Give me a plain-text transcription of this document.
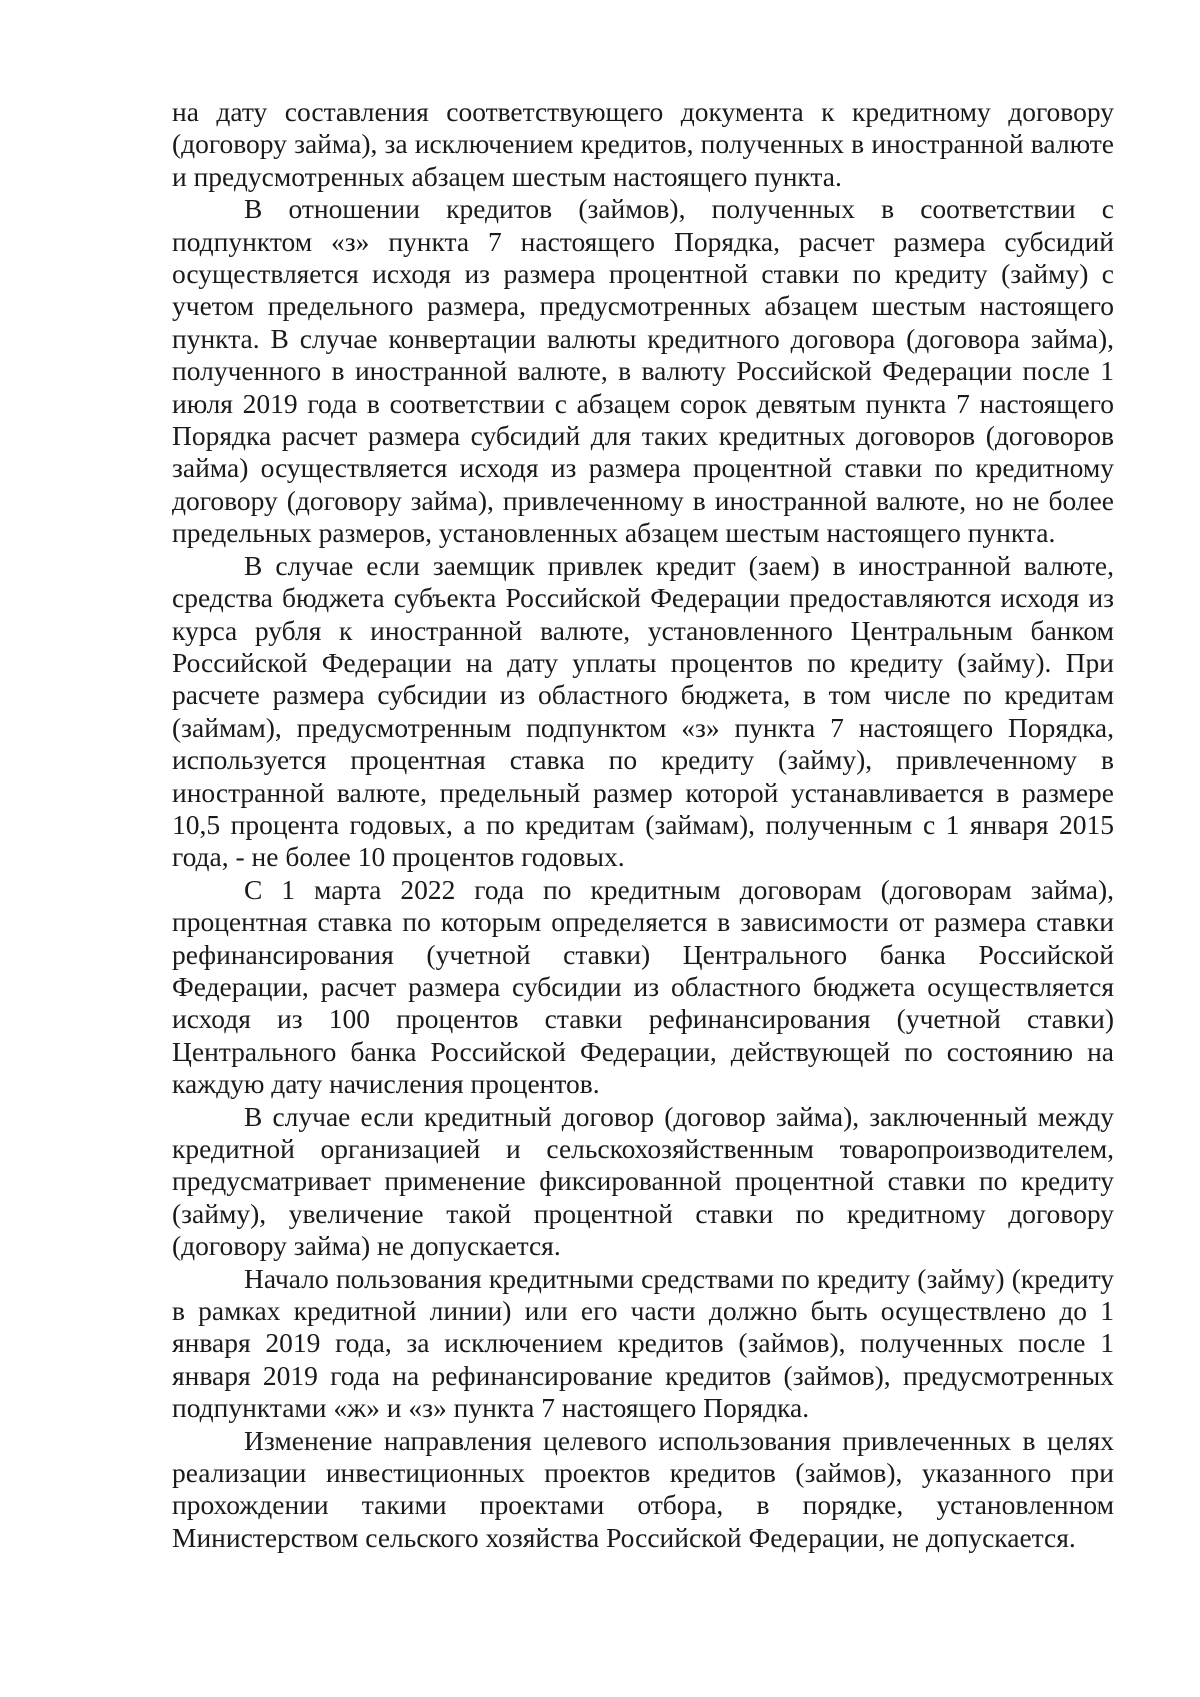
на дату составления соответствующего документа к кредитному договору (договору займа), за исключением кредитов, полученных в иностранной валюте и предусмотренных абзацем шестым настоящего пункта.

В отношении кредитов (займов), полученных в соответствии с подпунктом «з» пункта 7 настоящего Порядка, расчет размера субсидий осуществляется исходя из размера процентной ставки по кредиту (займу) с учетом предельного размера, предусмотренных абзацем шестым настоящего пункта. В случае конвертации валюты кредитного договора (договора займа), полученного в иностранной валюте, в валюту Российской Федерации после 1 июля 2019 года в соответствии с абзацем сорок девятым пункта 7 настоящего Порядка расчет размера субсидий для таких кредитных договоров (договоров займа) осуществляется исходя из размера процентной ставки по кредитному договору (договору займа), привлеченному в иностранной валюте, но не более предельных размеров, установленных абзацем шестым настоящего пункта.

В случае если заемщик привлек кредит (заем) в иностранной валюте, средства бюджета субъекта Российской Федерации предоставляются исходя из курса рубля к иностранной валюте, установленного Центральным банком Российской Федерации на дату уплаты процентов по кредиту (займу). При расчете размера субсидии из областного бюджета, в том числе по кредитам (займам), предусмотренным подпунктом «з» пункта 7 настоящего Порядка, используется процентная ставка по кредиту (займу), привлеченному в иностранной валюте, предельный размер которой устанавливается в размере 10,5 процента годовых, а по кредитам (займам), полученным с 1 января 2015 года, - не более 10 процентов годовых.

С 1 марта 2022 года по кредитным договорам (договорам займа), процентная ставка по которым определяется в зависимости от размера ставки рефинансирования (учетной ставки) Центрального банка Российской Федерации, расчет размера субсидии из областного бюджета осуществляется исходя из 100 процентов ставки рефинансирования (учетной ставки) Центрального банка Российской Федерации, действующей по состоянию на каждую дату начисления процентов.

В случае если кредитный договор (договор займа), заключенный между кредитной организацией и сельскохозяйственным товаропроизводителем, предусматривает применение фиксированной процентной ставки по кредиту (займу), увеличение такой процентной ставки по кредитному договору (договору займа) не допускается.

Начало пользования кредитными средствами по кредиту (займу) (кредиту в рамках кредитной линии) или его части должно быть осуществлено до 1 января 2019 года, за исключением кредитов (займов), полученных после 1 января 2019 года на рефинансирование кредитов (займов), предусмотренных подпунктами «ж» и «з» пункта 7 настоящего Порядка.

Изменение направления целевого использования привлеченных в целях реализации инвестиционных проектов кредитов (займов), указанного при прохождении такими проектами отбора, в порядке, установленном Министерством сельского хозяйства Российской Федерации, не допускается.
